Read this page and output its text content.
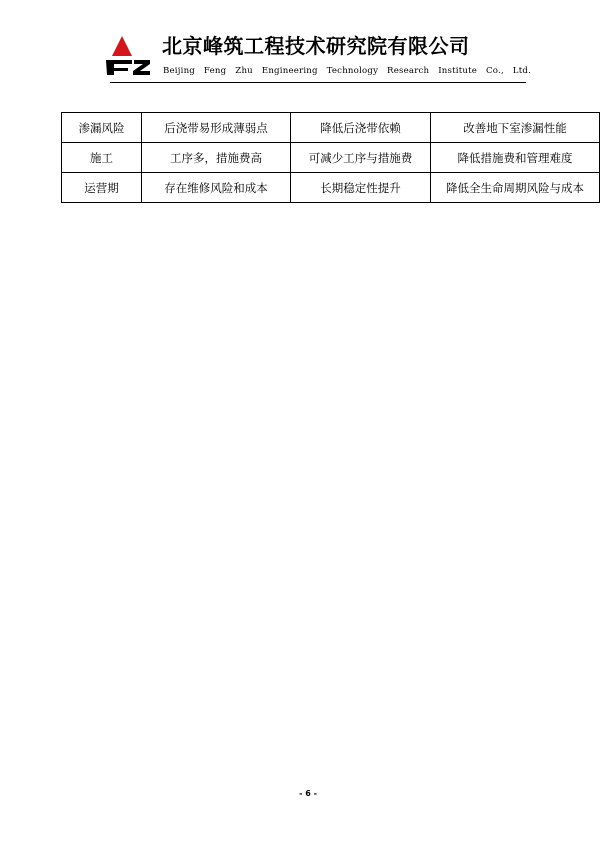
北京峰筑工程技术研究院有限公司
Beijing Feng Zhu Engineering Technology Research Institute Co., Ltd.
渗漏风险	后浇带易形成薄弱点	降低后浇带依赖	改善地下室渗漏性能
施工	工序多，措施费高	可减少工序与措施费	降低措施费和管理难度
运营期	存在维修风险和成本	长期稳定性提升	降低全生命周期风险与成本
- 6 -
